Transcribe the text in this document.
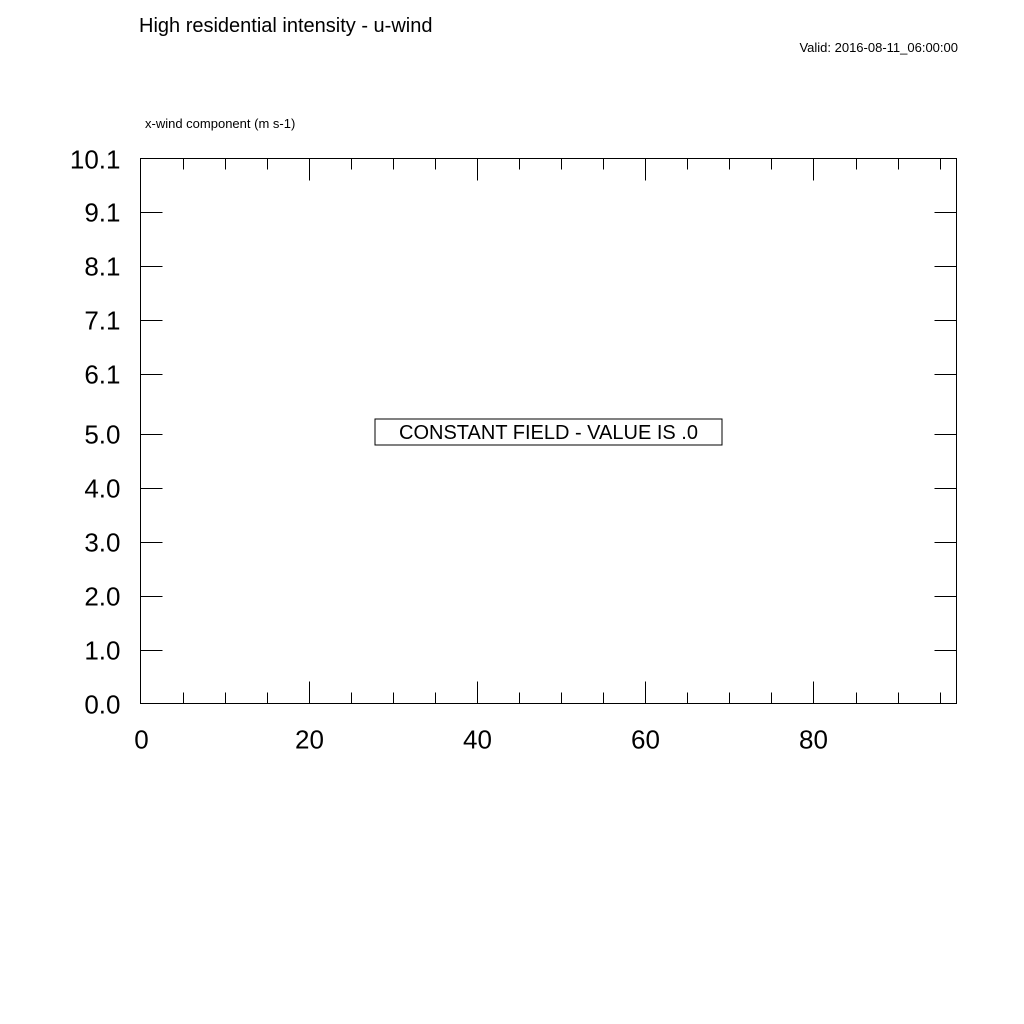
High residential intensity - u-wind
Valid: 2016-08-11_06:00:00
x-wind component (m s-1)
0.0
1.0
2.0
3.0
4.0
5.0
6.1
7.1
8.1
9.1
10.1
0	20	40	60	80
CONSTANT FIELD - VALUE IS .0
